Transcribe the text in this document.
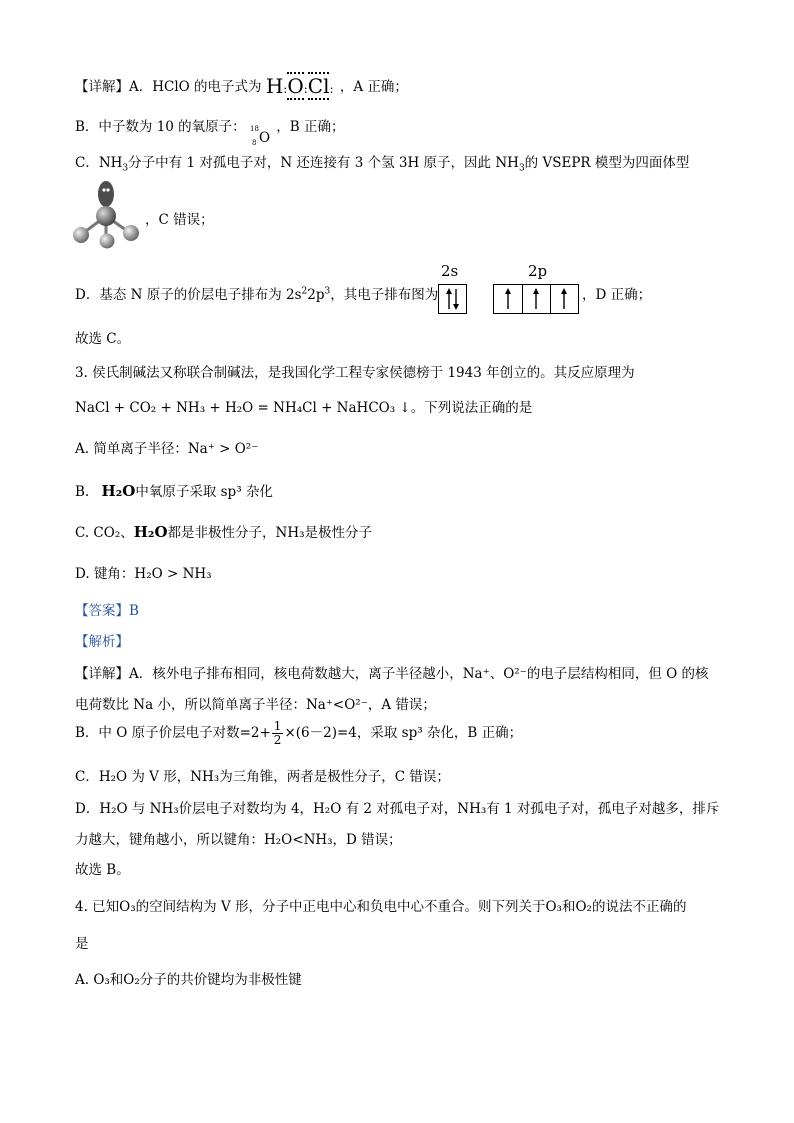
【详解】A．HClO 的电子式为 H:O:Cl: ，A 正确；
B．中子数为 10 的氧原子： 18
8 O
，B 正确；
C．$NH_3$分子中有 1 对孤电子对，N 还连接有 3 个氢 3H 原子，因此 $NH_3$的 VSEPR 模型为四面体型
，C 错误；
D．基态 N 原子的价层电子排布为 $2s^22p^3$，其电子排布图为
2s	2p
，D 正确；
故选 C。
3. 侯氏制碱法又称联合制碱法，是我国化学工程专家侯德榜于 1943 年创立的。其反应原理为
NaCl + CO₂ + NH₃ + H₂O = NH₄Cl + NaHCO₃ ↓。下列说法正确的是
A. 简单离子半径：Na⁺ > O²⁻
B. H₂O中氧原子采取 sp³ 杂化
C. CO₂、H₂O都是非极性分子，NH₃是极性分子
D. 键角：H₂O > NH₃
【答案】B
【解析】
【详解】A．核外电子排布相同，核电荷数越大，离子半径越小，Na⁺、O²⁻的电子层结构相同，但 O 的核
电荷数比 Na 小，所以简单离子半径：Na⁺<O²⁻，A 错误；
B．中 O 原子价层电子对数$=2+ \frac{1}{2} \times(6-2)=4$，采取 sp³ 杂化，B 正确；
C．H₂O 为 V 形，NH₃为三角锥，两者是极性分子，C 错误；
D．H₂O 与 NH₃价层电子对数均为 4，H₂O 有 2 对孤电子对，NH₃有 1 对孤电子对，孤电子对越多，排斥
力越大，键角越小，所以键角：H₂O<NH₃，D 错误；
故选 B。
4. 已知O₃的空间结构为 V 形，分子中正电中心和负电中心不重合。则下列关于O₃和O₂的说法不正确的
是
A. O₃和O₂分子的共价键均为非极性键
